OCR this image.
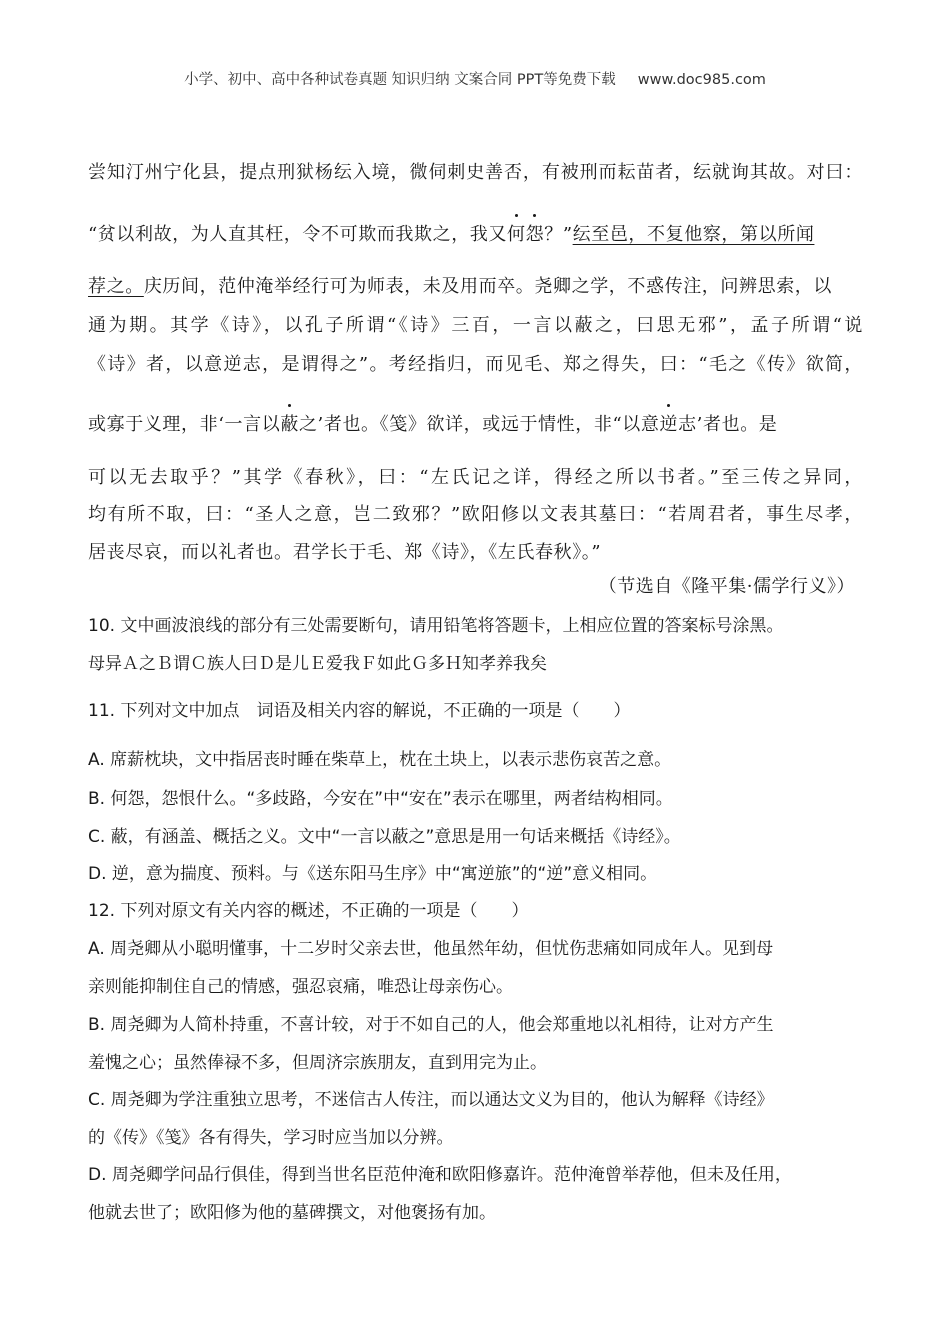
小学、初中、高中各种试卷真题 知识归纳 文案合同 PPT等免费下载 www.doc985.com
尝知汀州宁化县，提点刑狱杨纭入境，微伺刺史善否，有被刑而耘苗者，纭就询其故。对曰：
“贫以利故，为人直其枉，令不可欺而我欺之，我又何怨？”纭至邑，不复他察，第以所闻
荐之。庆历间，范仲淹举经行可为师表，未及用而卒。尧卿之学，不惑传注，问辨思索，以
通为期。其学《诗》，以孔子所谓“《诗》三百，一言以蔽之，曰思无邪”，孟子所谓“说
《诗》者，以意逆志，是谓得之”。考经指归，而见毛、郑之得失，曰：“毛之《传》欲简，
或寡于义理，非‘一言以蔽之’者也。《笺》欲详，或远于情性，非“以意逆志’者也。是
可以无去取乎？”其学《春秋》，曰：“左氏记之详，得经之所以书者。”至三传之异同，
均有所不取，曰：“圣人之意，岂二致邪？”欧阳修以文表其墓曰：“若周君者，事生尽孝，
居丧尽哀，而以礼者也。君学长于毛、郑《诗》，《左氏春秋》。”
（节选自《隆平集·儒学行义》）
10. 文中画波浪线的部分有三处需要断句，请用铅笔将答题卡，上相应位置的答案标号涂黑。
母异Ａ之Ｂ谓Ｃ族人曰Ｄ是儿Ｅ爱我Ｆ如此Ｇ多Ｈ知孝养我矣
11. 下列对文中加点　词语及相关内容的解说，不正确的一项是（　　）
A. 席薪枕块，文中指居丧时睡在柴草上，枕在土块上，以表示悲伤哀苦之意。
B. 何怨，怨恨什么。“多歧路，今安在”中“安在”表示在哪里，两者结构相同。
C. 蔽，有涵盖、概括之义。文中“一言以蔽之”意思是用一句话来概括《诗经》。
D. 逆，意为揣度、预料。与《送东阳马生序》中“寓逆旅”的“逆”意义相同。
12. 下列对原文有关内容的概述，不正确的一项是（　　）
A. 周尧卿从小聪明懂事，十二岁时父亲去世，他虽然年幼，但忧伤悲痛如同成年人。见到母
亲则能抑制住自己的情感，强忍哀痛，唯恐让母亲伤心。
B. 周尧卿为人简朴持重，不喜计较，对于不如自己的人，他会郑重地以礼相待，让对方产生
羞愧之心；虽然俸禄不多，但周济宗族朋友，直到用完为止。
C. 周尧卿为学注重独立思考，不迷信古人传注，而以通达文义为目的，他认为解释《诗经》
的《传》《笺》各有得失，学习时应当加以分辨。
D. 周尧卿学问品行俱佳，得到当世名臣范仲淹和欧阳修嘉许。范仲淹曾举荐他，但未及任用，
他就去世了；欧阳修为他的墓碑撰文，对他褒扬有加。
